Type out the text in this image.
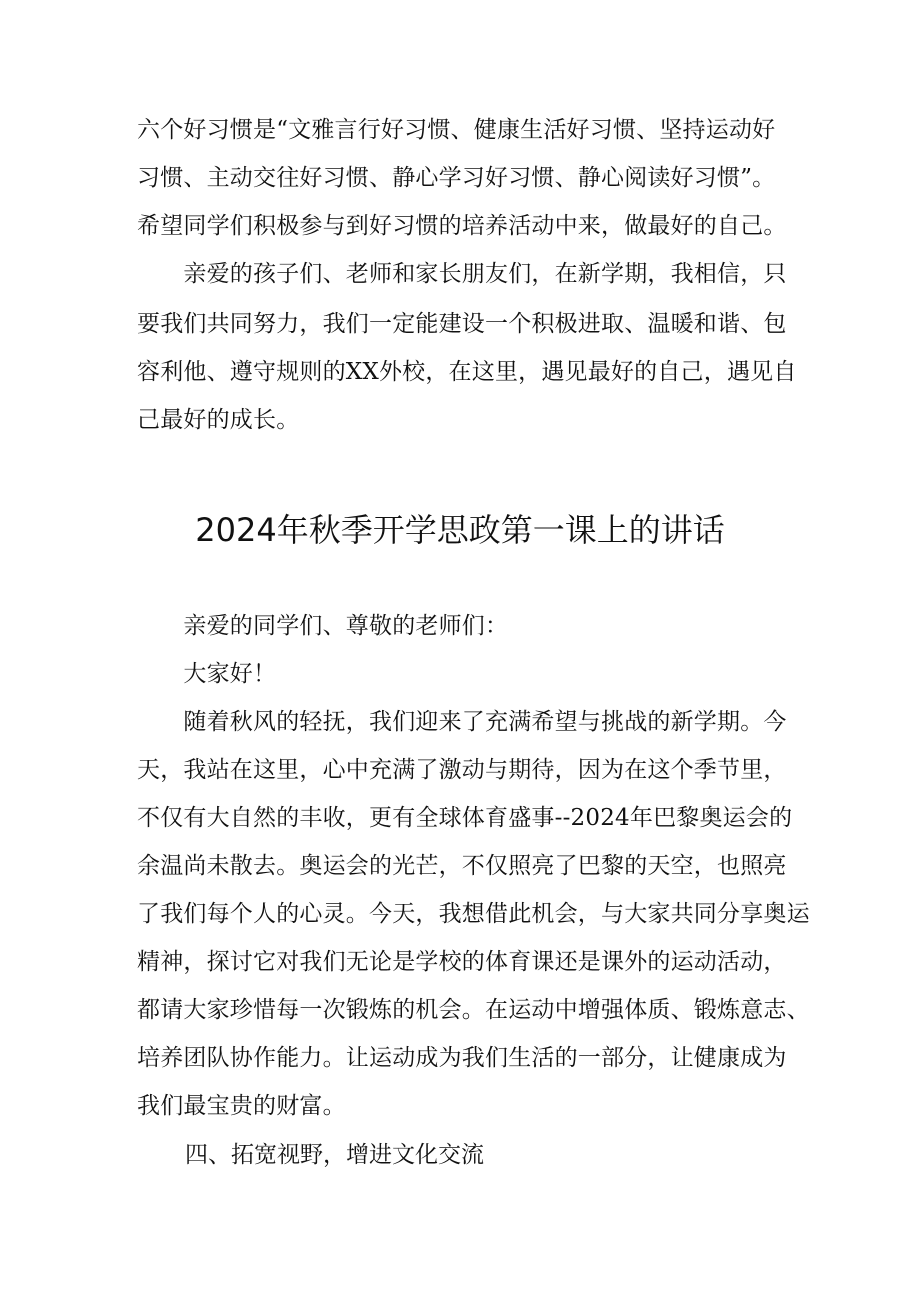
六个好习惯是“文雅言行好习惯、健康生活好习惯、坚持运动好
习惯、主动交往好习惯、静心学习好习惯、静心阅读好习惯”。
希望同学们积极参与到好习惯的培养活动中来，做最好的自己。
　　亲爱的孩子们、老师和家长朋友们，在新学期，我相信，只
要我们共同努力，我们一定能建设一个积极进取、温暖和谐、包
容利他、遵守规则的XX外校，在这里，遇见最好的自己，遇见自
己最好的成长。
2024年秋季开学思政第一课上的讲话
　　亲爱的同学们、尊敬的老师们：
　　大家好！
　　随着秋风的轻抚，我们迎来了充满希望与挑战的新学期。今
天，我站在这里，心中充满了激动与期待，因为在这个季节里，
不仅有大自然的丰收，更有全球体育盛事--2024年巴黎奥运会的
余温尚未散去。奥运会的光芒，不仅照亮了巴黎的天空，也照亮
了我们每个人的心灵。今天，我想借此机会，与大家共同分享奥运
精神，探讨它对我们无论是学校的体育课还是课外的运动活动，
都请大家珍惜每一次锻炼的机会。在运动中增强体质、锻炼意志、
培养团队协作能力。让运动成为我们生活的一部分，让健康成为
我们最宝贵的财富。
四、拓宽视野，增进文化交流
